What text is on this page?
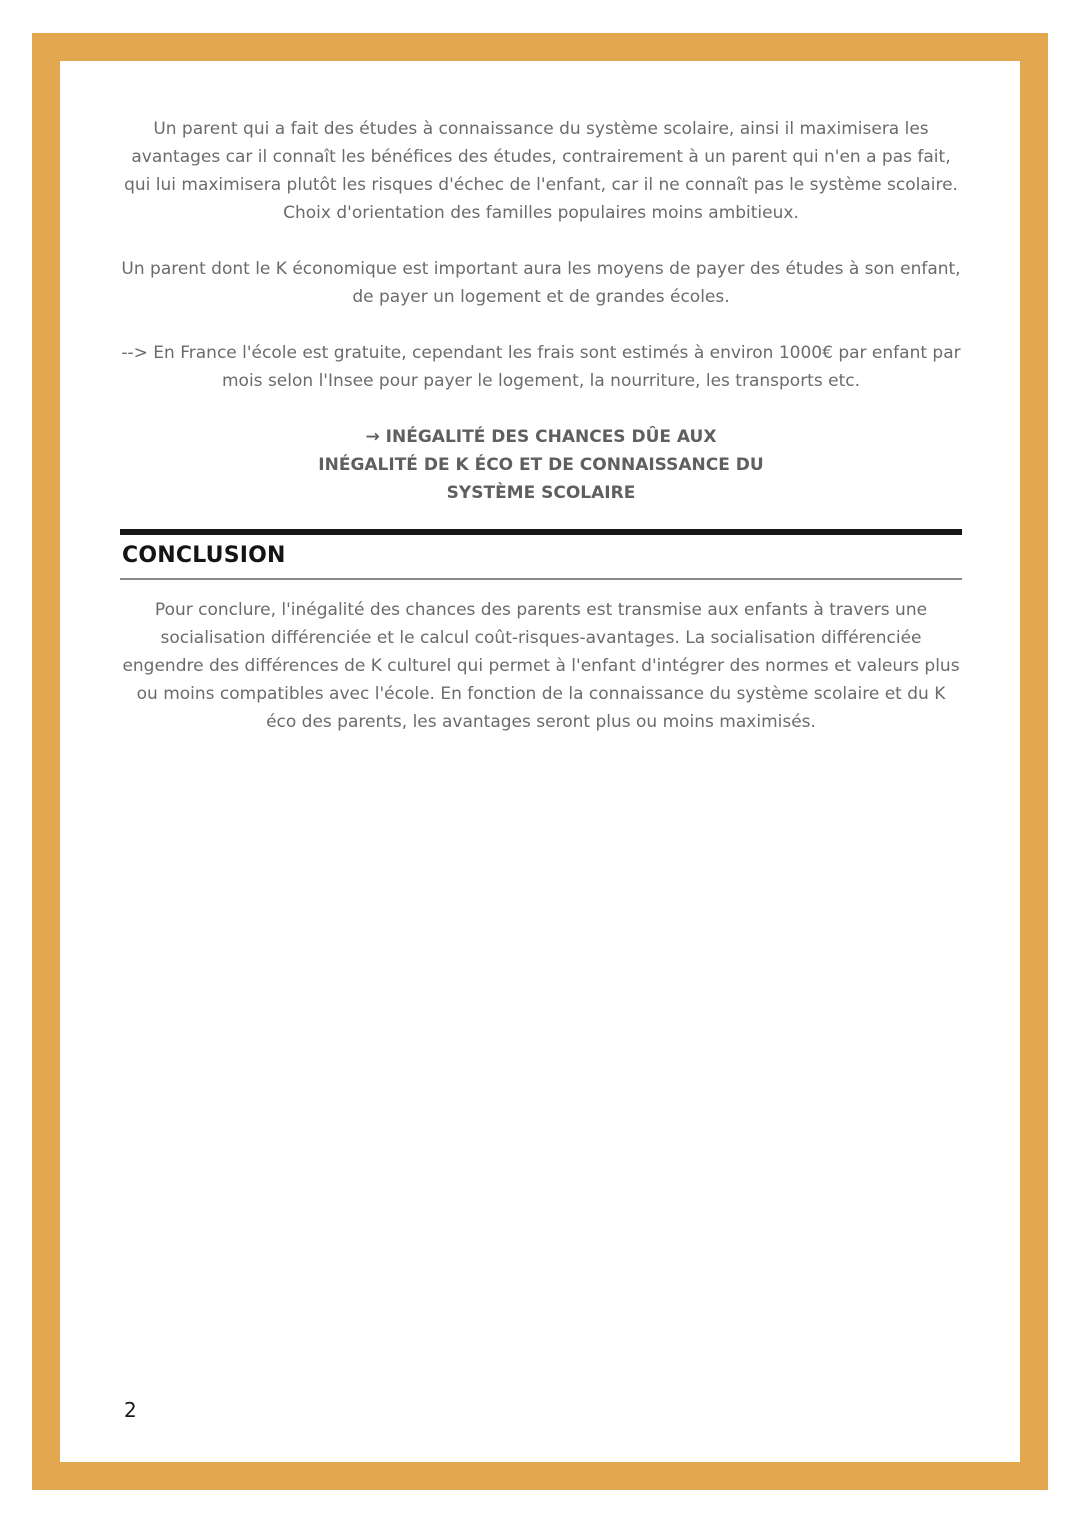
Un parent qui a fait des études à connaissance du système scolaire, ainsi il maximisera les avantages car il connaît les bénéfices des études, contrairement à un parent qui n'en a pas fait, qui lui maximisera plutôt les risques d'échec de l'enfant, car il ne connaît pas le système scolaire. Choix d'orientation des familles populaires moins ambitieux.

Un parent dont le K économique est important aura les moyens de payer des études à son enfant, de payer un logement et de grandes écoles.

--> En France l'école est gratuite, cependant les frais sont estimés à environ 1000€ par enfant par mois selon l'Insee pour payer le logement, la nourriture, les transports etc.

→ INÉGALITÉ DES CHANCES DÛE AUX
INÉGALITÉ DE K ÉCO ET DE CONNAISSANCE DU
SYSTÈME SCOLAIRE
CONCLUSION

Pour conclure, l'inégalité des chances des parents est transmise aux enfants à travers une socialisation différenciée et le calcul coût-risques-avantages. La socialisation différenciée engendre des différences de K culturel qui permet à l'enfant d'intégrer des normes et valeurs plus ou moins compatibles avec l'école. En fonction de la connaissance du système scolaire et du K éco des parents, les avantages seront plus ou moins maximisés.

2
